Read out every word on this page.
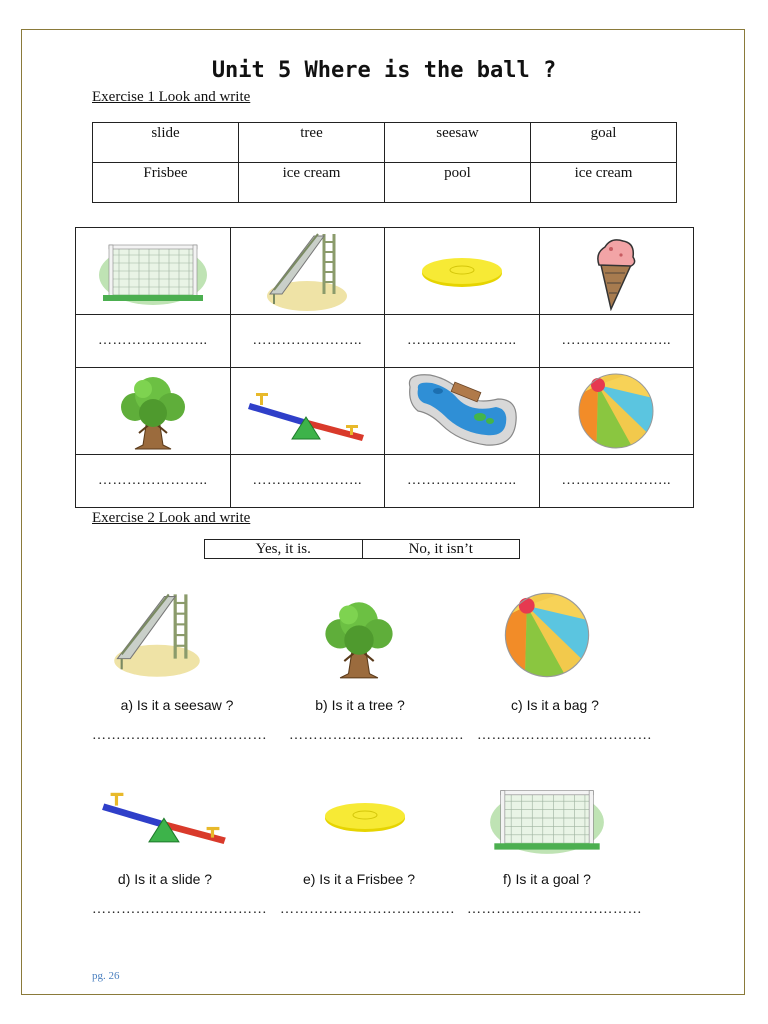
Unit 5 Where is the ball ?
Exercise 1 Look and write
slide	tree	seesaw	goal
Frisbee	ice cream	pool	ice cream

…………………..	…………………..	…………………..	…………………..

…………………..	…………………..	…………………..	…………………..
Exercise 2 Look and write
Yes, it is.	No, it isn’t
a) Is it a seesaw ?	b) Is it a tree ?	c) Is it a bag ?
……………………………… ……………………………… ………………………………
d) Is it a slide ?	e) Is it a Frisbee ?	f) Is it a goal ?
……………………………… ……………………………… ………………………………
pg. 26
